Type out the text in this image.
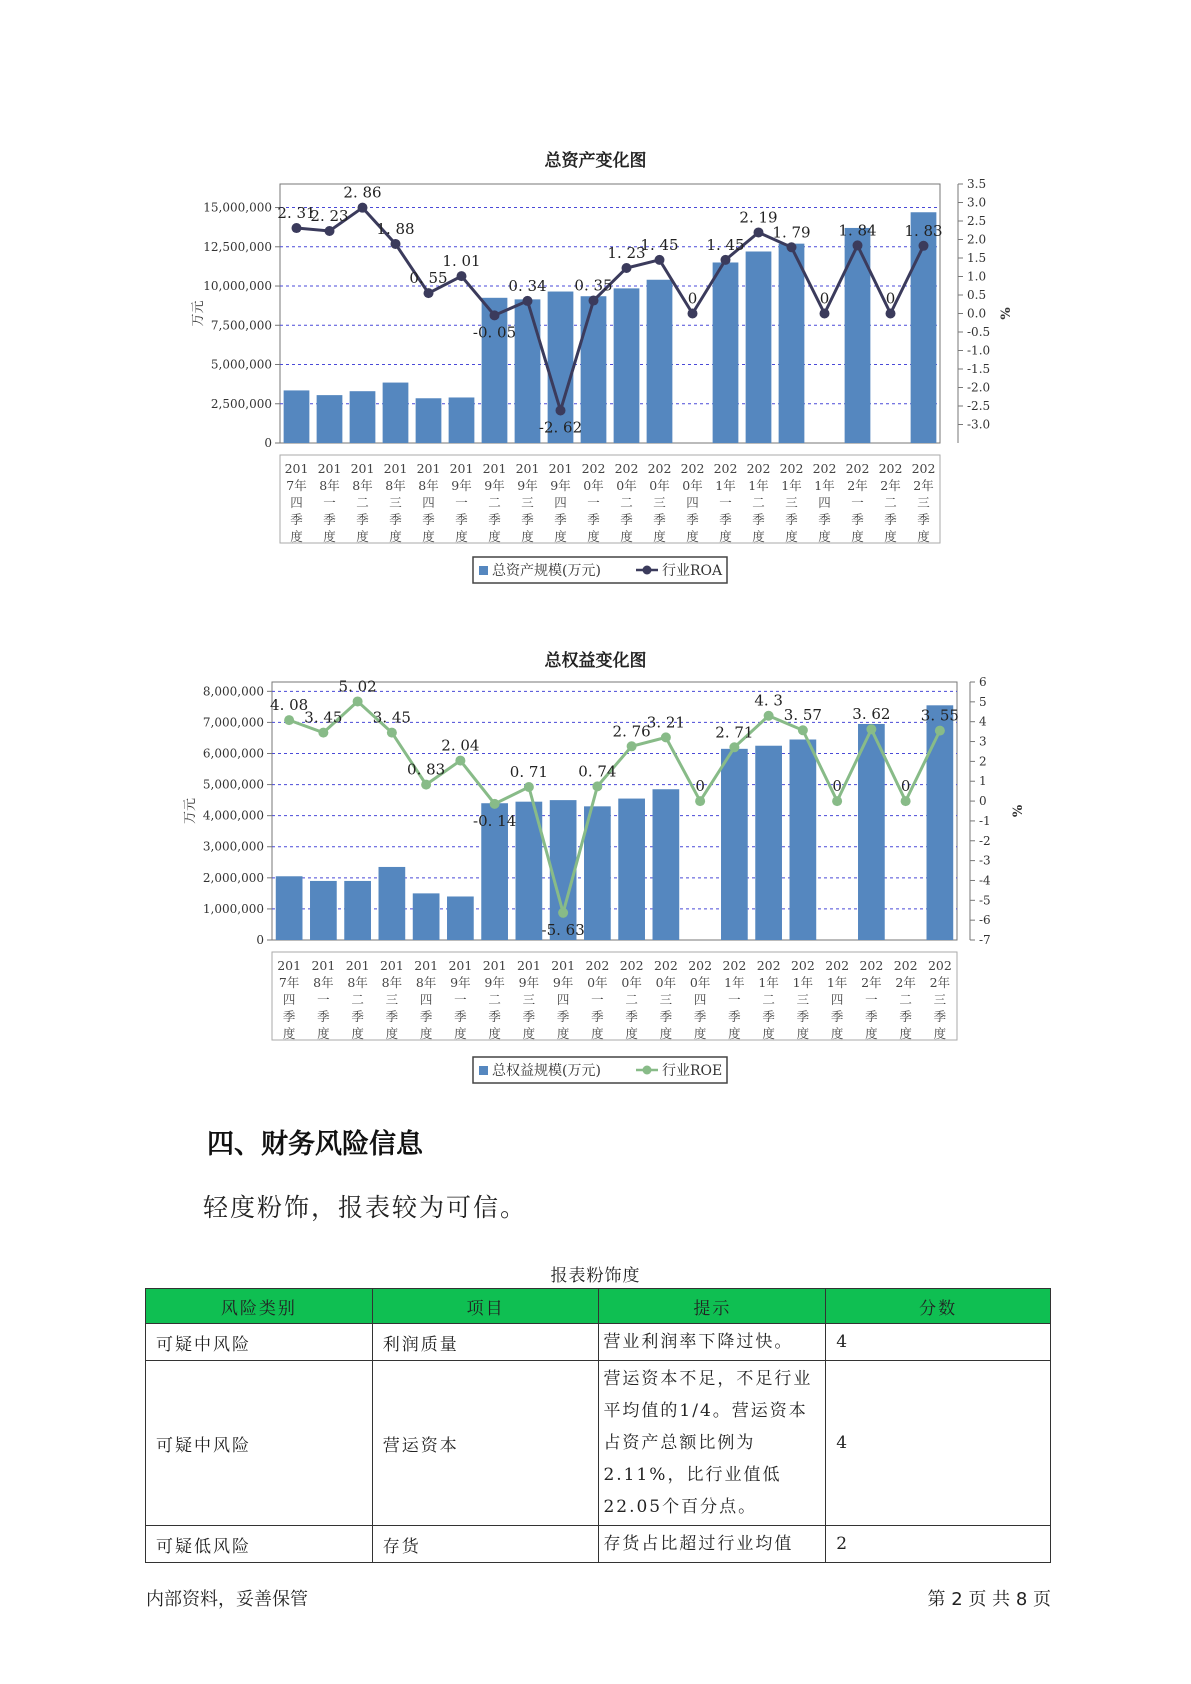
总资产变化图
0
2,500,000
5,000,000
7,500,000
10,000,000
12,500,000
15,000,000
万元
-3.0
-2.5
-2.0
-1.5
-1.0
-0.5
0.0
0.5
1.0
1.5
2.0
2.5
3.0
3.5
%
201
7年
四
季
度
201
8年
一
季
度
201
8年
二
季
度
201
8年
三
季
度
201
8年
四
季
度
201
9年
一
季
度
201
9年
二
季
度
201
9年
三
季
度
201
9年
四
季
度
202
0年
一
季
度
202
0年
二
季
度
202
0年
三
季
度
202
0年
四
季
度
202
1年
一
季
度
202
1年
二
季
度
202
1年
三
季
度
202
1年
四
季
度
202
2年
一
季
度
202
2年
二
季
度
202
2年
三
季
度
2. 31
2. 23
2. 86
1. 88
0. 55
1. 01
-0. 05
0. 34
-2. 62
0. 35
1. 23
1. 45
0
1. 45
2. 19
1. 79
0
1. 84
0
1. 83
总资产规模(万元)	行业ROA
总权益变化图
0
1,000,000
2,000,000
3,000,000
4,000,000
5,000,000
6,000,000
7,000,000
8,000,000
万元
-7
-6
-5
-4
-3
-2
-1
0
1
2
3
4
5
6
%
201
7年
四
季
度
201
8年
一
季
度
201
8年
二
季
度
201
8年
三
季
度
201
8年
四
季
度
201
9年
一
季
度
201
9年
二
季
度
201
9年
三
季
度
201
9年
四
季
度
202
0年
一
季
度
202
0年
二
季
度
202
0年
三
季
度
202
0年
四
季
度
202
1年
一
季
度
202
1年
二
季
度
202
1年
三
季
度
202
1年
四
季
度
202
2年
一
季
度
202
2年
二
季
度
202
2年
三
季
度
4. 08
3. 45
5. 02
3. 45
0. 83
2. 04
-0. 14
0. 71
-5. 63
0. 74
2. 76
3. 21
0
2. 71
4. 3
3. 57
0
3. 62
0
3. 55
总权益规模(万元)	行业ROE
四、财务风险信息
轻度粉饰，报表较为可信。
报表粉饰度
风险类别	项目	提示	分数
可疑中风险	利润质量	营业利润率下降过快。	4
可疑中风险	营运资本	营运资本不足，不足行业平均值的1/4。营运资本占资产总额比例为2.11%，比行业值低22.05个百分点。	4
可疑低风险	存货	存货占比超过行业均值	2
内部资料，妥善保管	第 2 页 共 8 页
